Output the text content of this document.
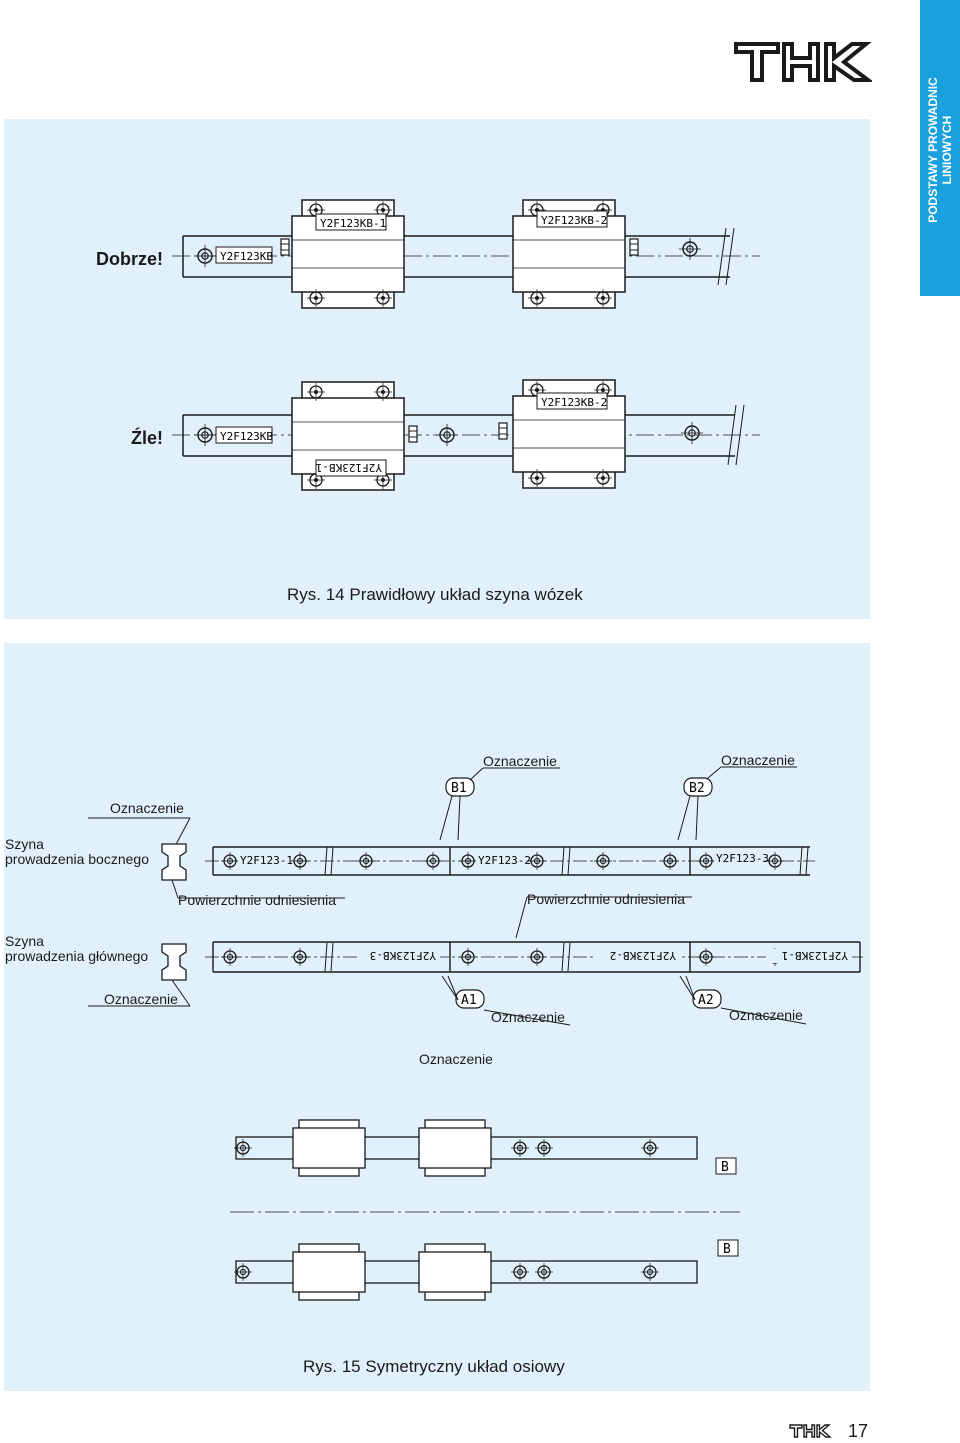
PODSTAWY PROWADNIC LINIOWYCH
Dobrze!
Źle!
Y2F123KB
Y2F123KB-1	Y2F123KB-2
Y2F123KB
Y2F123KB-2
Y2F123KB-1
Rys. 14 Prawidłowy układ szyna wózek
Oznaczenie
Oznaczenie	Oznaczenie
Szyna
prowadzenia bocznego
Szyna
prowadzenia głównego
Powierzchnie odniesienia	Powierzchnie odniesienia
Oznaczenie
Oznaczenie	Oznaczenie
Oznaczenie
B1	B2
Y2F123-1	Y2F123-2	Y2F123-3
Y2F123KB-3	Y2F123KB-2	Y2F123KB-1
A1	A2
B
B
Rys. 15 Symetryczny układ osiowy
17
